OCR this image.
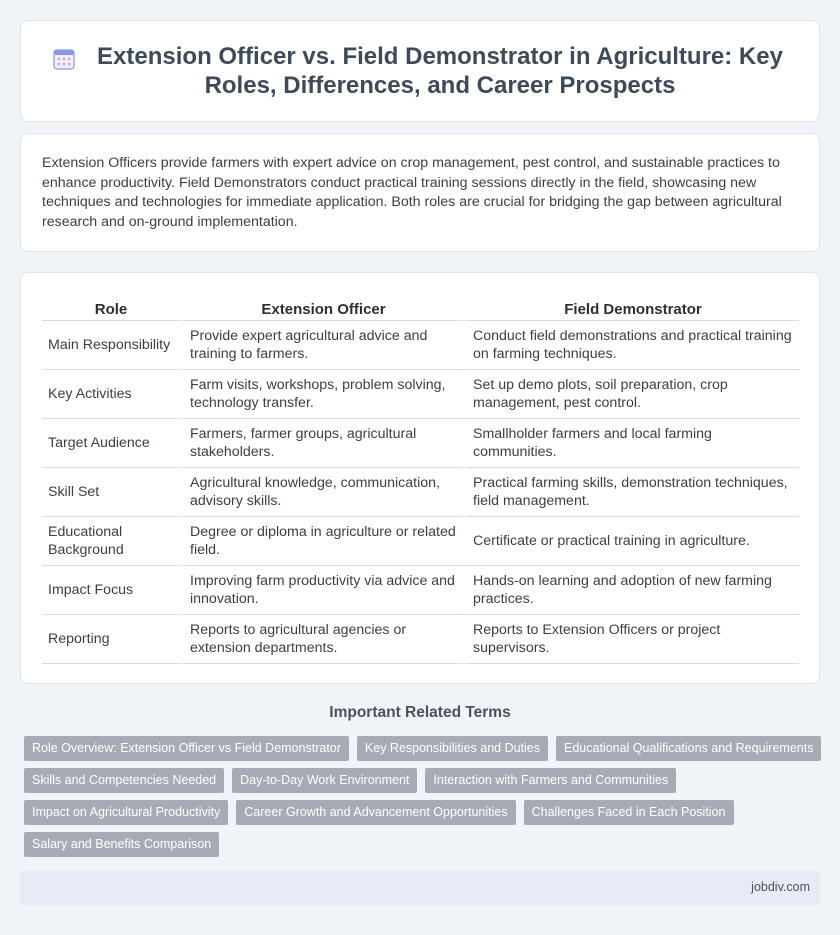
Extension Officer vs. Field Demonstrator in Agriculture: Key Roles, Differences, and Career Prospects

Extension Officers provide farmers with expert advice on crop management, pest control, and sustainable practices to enhance productivity. Field Demonstrators conduct practical training sessions directly in the field, showcasing new techniques and technologies for immediate application. Both roles are crucial for bridging the gap between agricultural research and on-ground implementation.

Role	Extension Officer	Field Demonstrator
Main Responsibility	Provide expert agricultural advice and training to farmers.	Conduct field demonstrations and practical training on farming techniques.
Key Activities	Farm visits, workshops, problem solving, technology transfer.	Set up demo plots, soil preparation, crop management, pest control.
Target Audience	Farmers, farmer groups, agricultural stakeholders.	Smallholder farmers and local farming communities.
Skill Set	Agricultural knowledge, communication, advisory skills.	Practical farming skills, demonstration techniques, field management.
Educational Background	Degree or diploma in agriculture or related field.	Certificate or practical training in agriculture.
Impact Focus	Improving farm productivity via advice and innovation.	Hands-on learning and adoption of new farming practices.
Reporting	Reports to agricultural agencies or extension departments.	Reports to Extension Officers or project supervisors.
Important Related Terms
Role Overview: Extension Officer vs Field Demonstrator	Key Responsibilities and Duties	Educational Qualifications and Requirements
Skills and Competencies Needed	Day-to-Day Work Environment	Interaction with Farmers and Communities
Impact on Agricultural Productivity	Career Growth and Advancement Opportunities	Challenges Faced in Each Position
Salary and Benefits Comparison
jobdiv.com
